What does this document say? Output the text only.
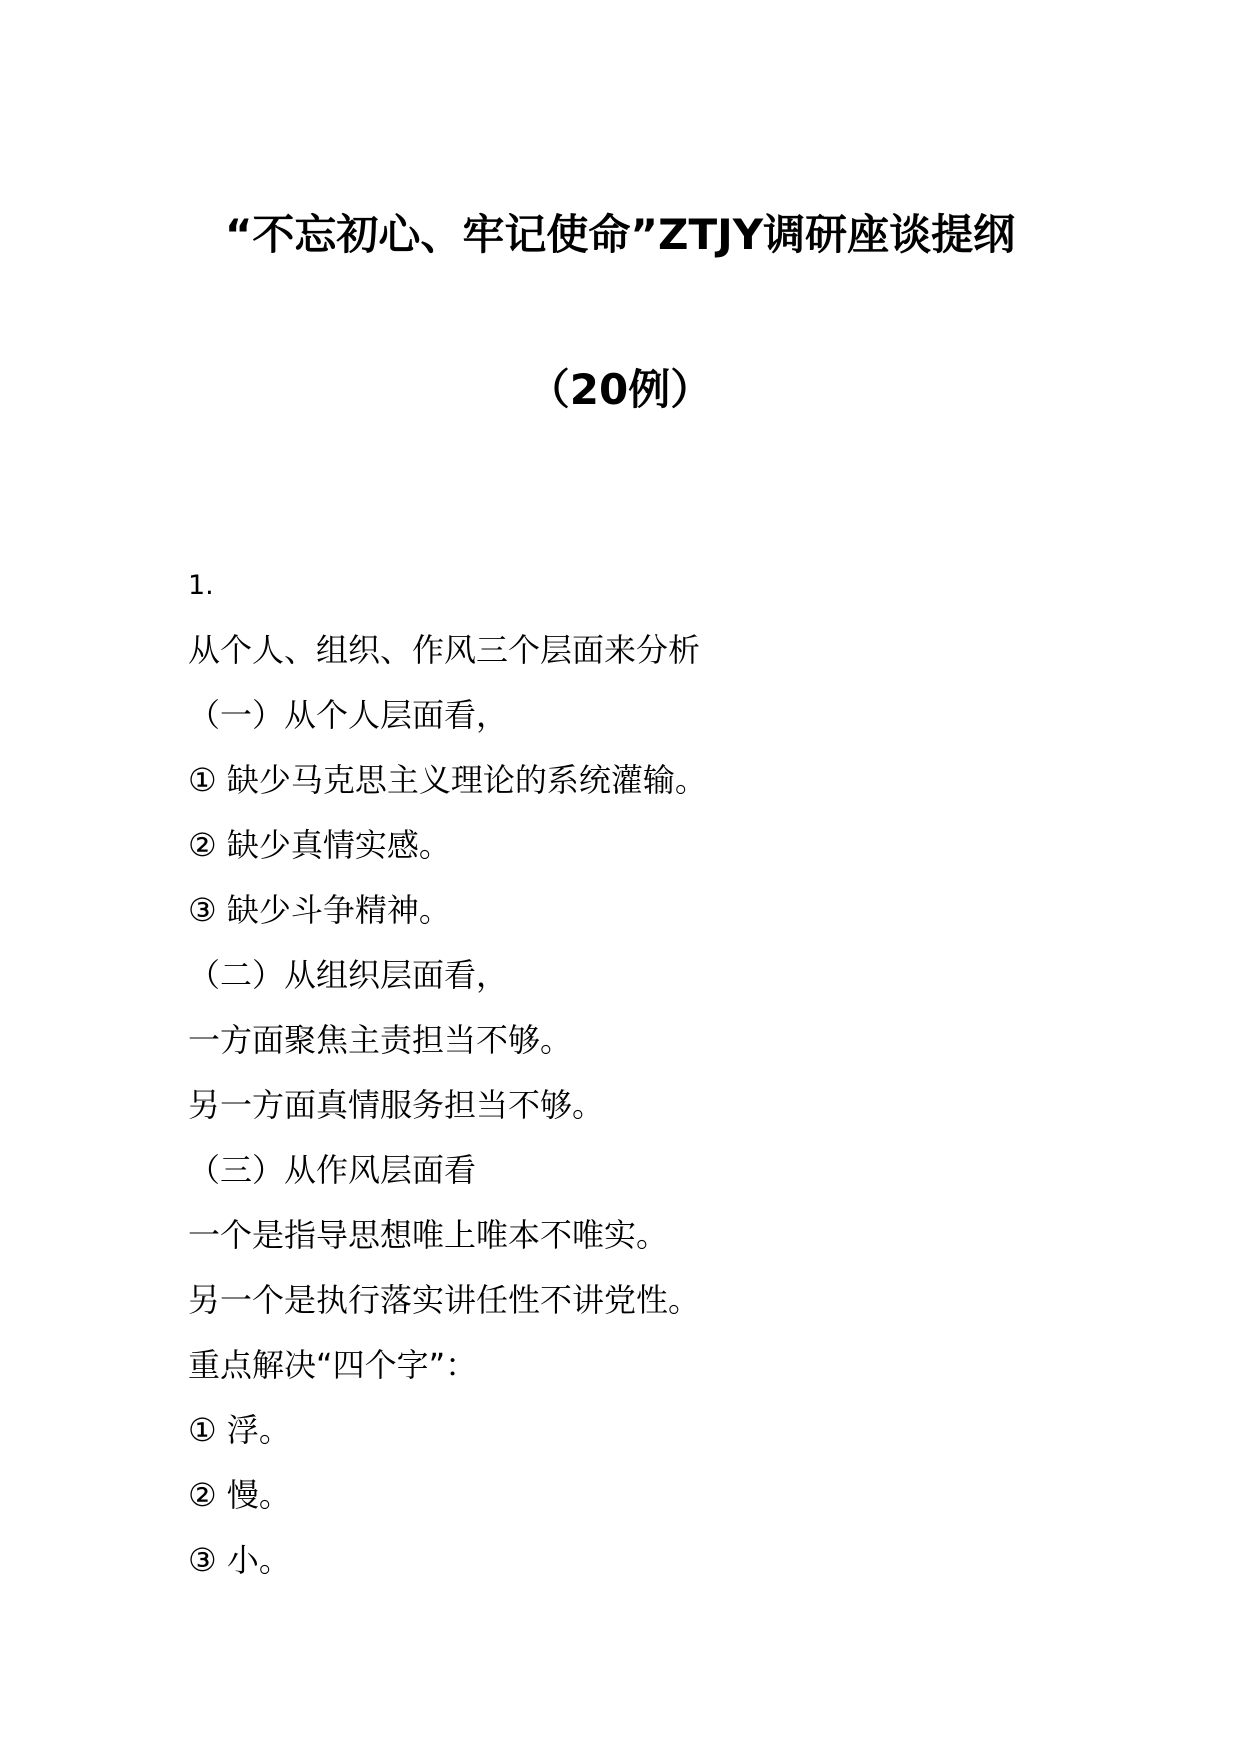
“不忘初心、牢记使命”ZTJY调研座谈提纲
（20例）
1.
从个人、组织、作风三个层面来分析
（一）从个人层面看，
① 缺少马克思主义理论的系统灌输。
② 缺少真情实感。
③ 缺少斗争精神。
（二）从组织层面看，
一方面聚焦主责担当不够。
另一方面真情服务担当不够。
（三）从作风层面看
一个是指导思想唯上唯本不唯实。
另一个是执行落实讲任性不讲党性。
重点解决“四个字”：
① 浮。
② 慢。
③ 小。
